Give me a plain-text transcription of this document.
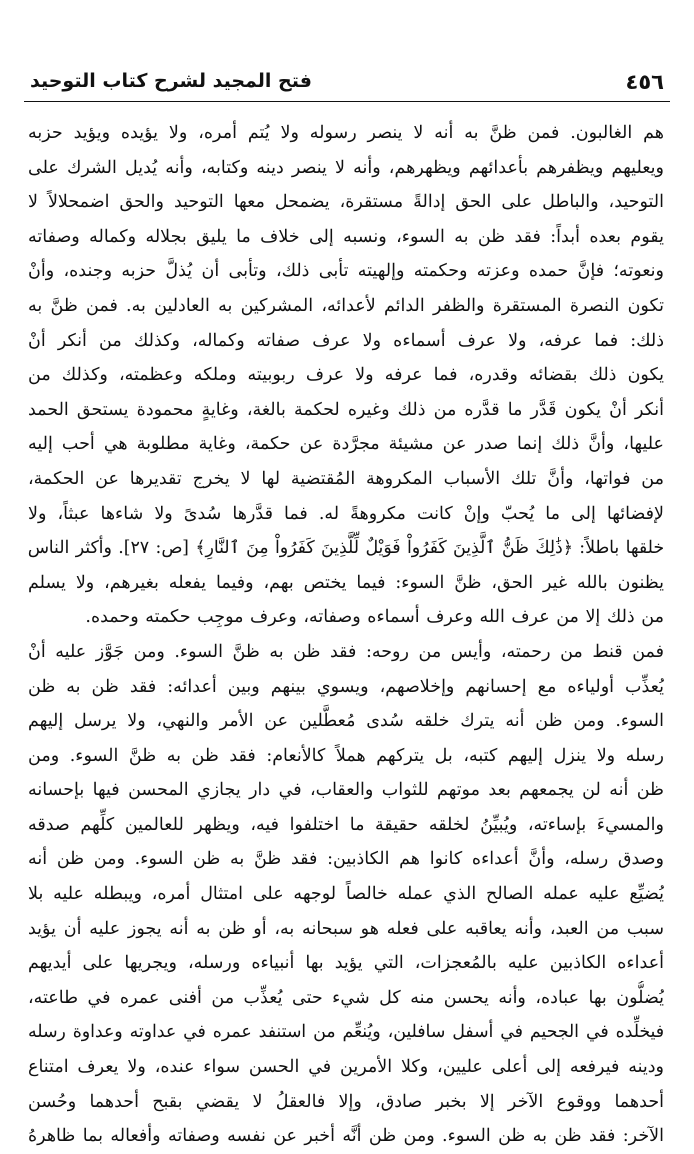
٤٥٦
فتح المجيد لشرح كتاب التوحيد
هم الغالبون. فمن ظنَّ به أنه لا ينصر رسوله ولا يُتم أمره، ولا يؤيده ويؤيد حزبه
ويعليهم ويظفرهم بأعدائهم ويظهرهم، وأنه لا ينصر دينه وكتابه، وأنه يُديل الشرك على
التوحيد، والباطل على الحق إدالةً مستقرة، يضمحل معها التوحيد والحق اضمحلالاً لا
يقوم بعده أبداً: فقد ظن به السوء، ونسبه إلى خلاف ما يليق بجلاله وكماله وصفاته
ونعوته؛ فإنَّ حمده وعزته وحكمته وإلهيته تأبى ذلك، وتأبى أن يُذلَّ حزبه وجنده، وأنْ
تكون النصرة المستقرة والظفر الدائم لأعدائه، المشركين به العادلين به. فمن ظنَّ به
ذلك: فما عرفه، ولا عرف أسماءه ولا عرف صفاته وكماله، وكذلك من أنكر أنْ
يكون ذلك بقضائه وقدره، فما عرفه ولا عرف ربوبيته وملكه وعظمته، وكذلك من
أنكر أنْ يكون قَدَّر ما قدَّره من ذلك وغيره لحكمة بالغة، وغايةٍ محمودة يستحق الحمد
عليها، وأنَّ ذلك إنما صدر عن مشيئة مجرَّدة عن حكمة، وغاية مطلوبة هي أحب إليه
من فواتها، وأنَّ تلك الأسباب المكروهة المُقتضية لها لا يخرج تقديرها عن الحكمة،
لإفضائها إلى ما يُحبّ وإنْ كانت مكروهةً له. فما قدَّرها سُدىً ولا شاءها عبثاً، ولا
خلقها باطلاً: ﴿ذَٰلِكَ ظَنُّ ٱلَّذِينَ كَفَرُواْ فَوَيْلٌ لِّلَّذِينَ كَفَرُواْ مِنَ ٱلنَّارِ﴾ [ص: ٢٧]. وأكثر الناس
يظنون بالله غير الحق، ظنَّ السوء: فيما يختص بهم، وفيما يفعله بغيرهم، ولا يسلم
من ذلك إلا من عرف الله وعرف أسماءه وصفاته، وعرف موجِب حكمته وحمده.
فمن قنط من رحمته، وأيس من روحه: فقد ظن به ظنَّ السوء. ومن جَوَّز عليه أنْ
يُعذِّب أولياءه مع إحسانهم وإخلاصهم، ويسوي بينهم وبين أعدائه: فقد ظن به ظن
السوء. ومن ظن أنه يترك خلقه سُدى مُعطَّلين عن الأمر والنهي، ولا يرسل إليهم
رسله ولا ينزل إليهم كتبه، بل يتركهم هملاً كالأنعام: فقد ظن به ظنَّ السوء. ومن
ظن أنه لن يجمعهم بعد موتهم للثواب والعقاب، في دار يجازي المحسن فيها بإحسانه
والمسيءَ بإساءته، ويُبيِّنُ لخلقه حقيقة ما اختلفوا فيه، ويظهر للعالمين كلِّهم صدقه
وصدق رسله، وأنَّ أعداءه كانوا هم الكاذبين: فقد ظنَّ به ظن السوء. ومن ظن أنه
يُضيِّع عليه عمله الصالح الذي عمله خالصاً لوجهه على امتثال أمره، ويبطله عليه بلا
سبب من العبد، وأنه يعاقبه على فعله هو سبحانه به، أو ظن به أنه يجوز عليه أن يؤيد
أعداءه الكاذبين عليه بالمُعجزات، التي يؤيد بها أنبياءه ورسله، ويجريها على أيديهم
يُضلُّون بها عباده، وأنه يحسن منه كل شيء حتى يُعذِّب من أفنى عمره في طاعته،
فيخلِّده في الجحيم في أسفل سافلين، ويُنعِّم من استنفد عمره في عداوته وعداوة رسله
ودينه فيرفعه إلى أعلى عليين، وكلا الأمرين في الحسن سواء عنده، ولا يعرف امتناع
أحدهما ووقوع الآخر إلا بخبر صادق، وإلا فالعقلُ لا يقضي بقبح أحدهما وحُسن
الآخر: فقد ظن به ظن السوء. ومن ظن أنَّه أخبر عن نفسه وصفاته وأفعاله بما ظاهرهُ
